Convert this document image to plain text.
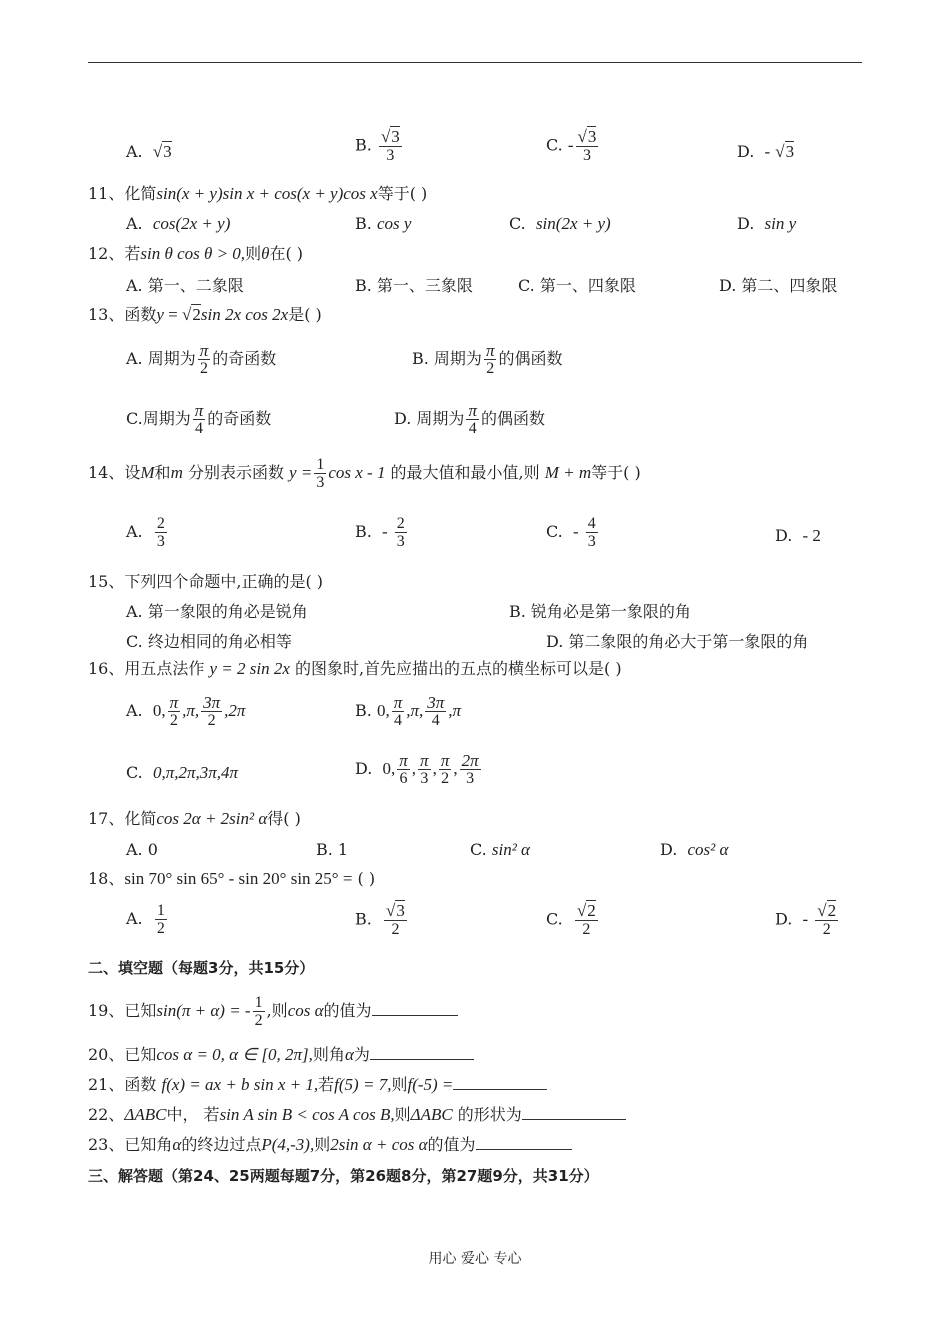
A. √3	B. $\frac{√3}{3}$	C. - $\frac{√3}{3}$	D. - √3
11、化简sin(x + y)sin x + cos(x + y)cos x等于( )
A. cos(2x + y)	B. cos y	C. sin(2x + y)	D. sin y
12、若sin θ cos θ > 0,则θ在( )
A. 第一、二象限	B. 第一、三象限	C. 第一、四象限	D. 第二、四象限
13、函数y = √2sin 2x cos 2x是( )
A. 周期为 $\frac{\pi}{2}$ 的奇函数	B. 周期为 $\frac{\pi}{2}$ 的偶函数
C.周期为 $\frac{\pi}{4}$ 的奇函数	D. 周期为 $\frac{\pi}{4}$ 的偶函数
14、设M和m 分别表示函数 $y = \frac{1}{3}$ cos x - 1 的最大值和最小值,则 M + m等于( )
A. $\frac{2}{3}$	B. - $\frac{2}{3}$	C. - $\frac{4}{3}$	D. - 2
15、下列四个命题中,正确的是( )
A. 第一象限的角必是锐角	B. 锐角必是第一象限的角
C. 终边相同的角必相等	D. 第二象限的角必大于第一象限的角
16、用五点法作 y = 2 sin 2x 的图象时,首先应描出的五点的横坐标可以是( )
A. 0, $\frac{\pi}{2} ,\pi$, $\frac{3\pi}{2} ,2\pi$	B. 0, $\frac{\pi}{4} ,\pi$, $\frac{3\pi}{4} ,\pi$
C. 0,π,2π,3π,4π	D. 0, $\frac{\pi}{6}$ , $\frac{\pi}{3}$ , $\frac{\pi}{2}$ , $\frac{2\pi}{3}$
17、化简cos 2α + 2sin² α得( )
A. 0	B. 1	C. sin² α	D. cos² α
18、sin 70° sin 65° - sin 20° sin 25° = ( )
A. $\frac{1}{2}$	B. $\frac{√3}{2}$	C. $\frac{√2}{2}$	D. - $\frac{√2}{2}$
二、填空题（每题3分，共15分）
19、已知sin(π + α) = - $\frac{1}{2}$ ,则cos α的值为
20、已知cos α = 0, α ∈ [0, 2π],则角α为
21、函数 f(x) = ax + b sin x + 1,若f(5) = 7,则f(-5) =
22、ΔABC中， 若sin A sin B < cos A cos B,则ΔABC 的形状为
23、已知角α的终边过点P(4,-3),则2sin α + cos α的值为
三、解答题（第24、25两题每题7分，第26题8分，第27题9分，共31分）
用心 爱心 专心
